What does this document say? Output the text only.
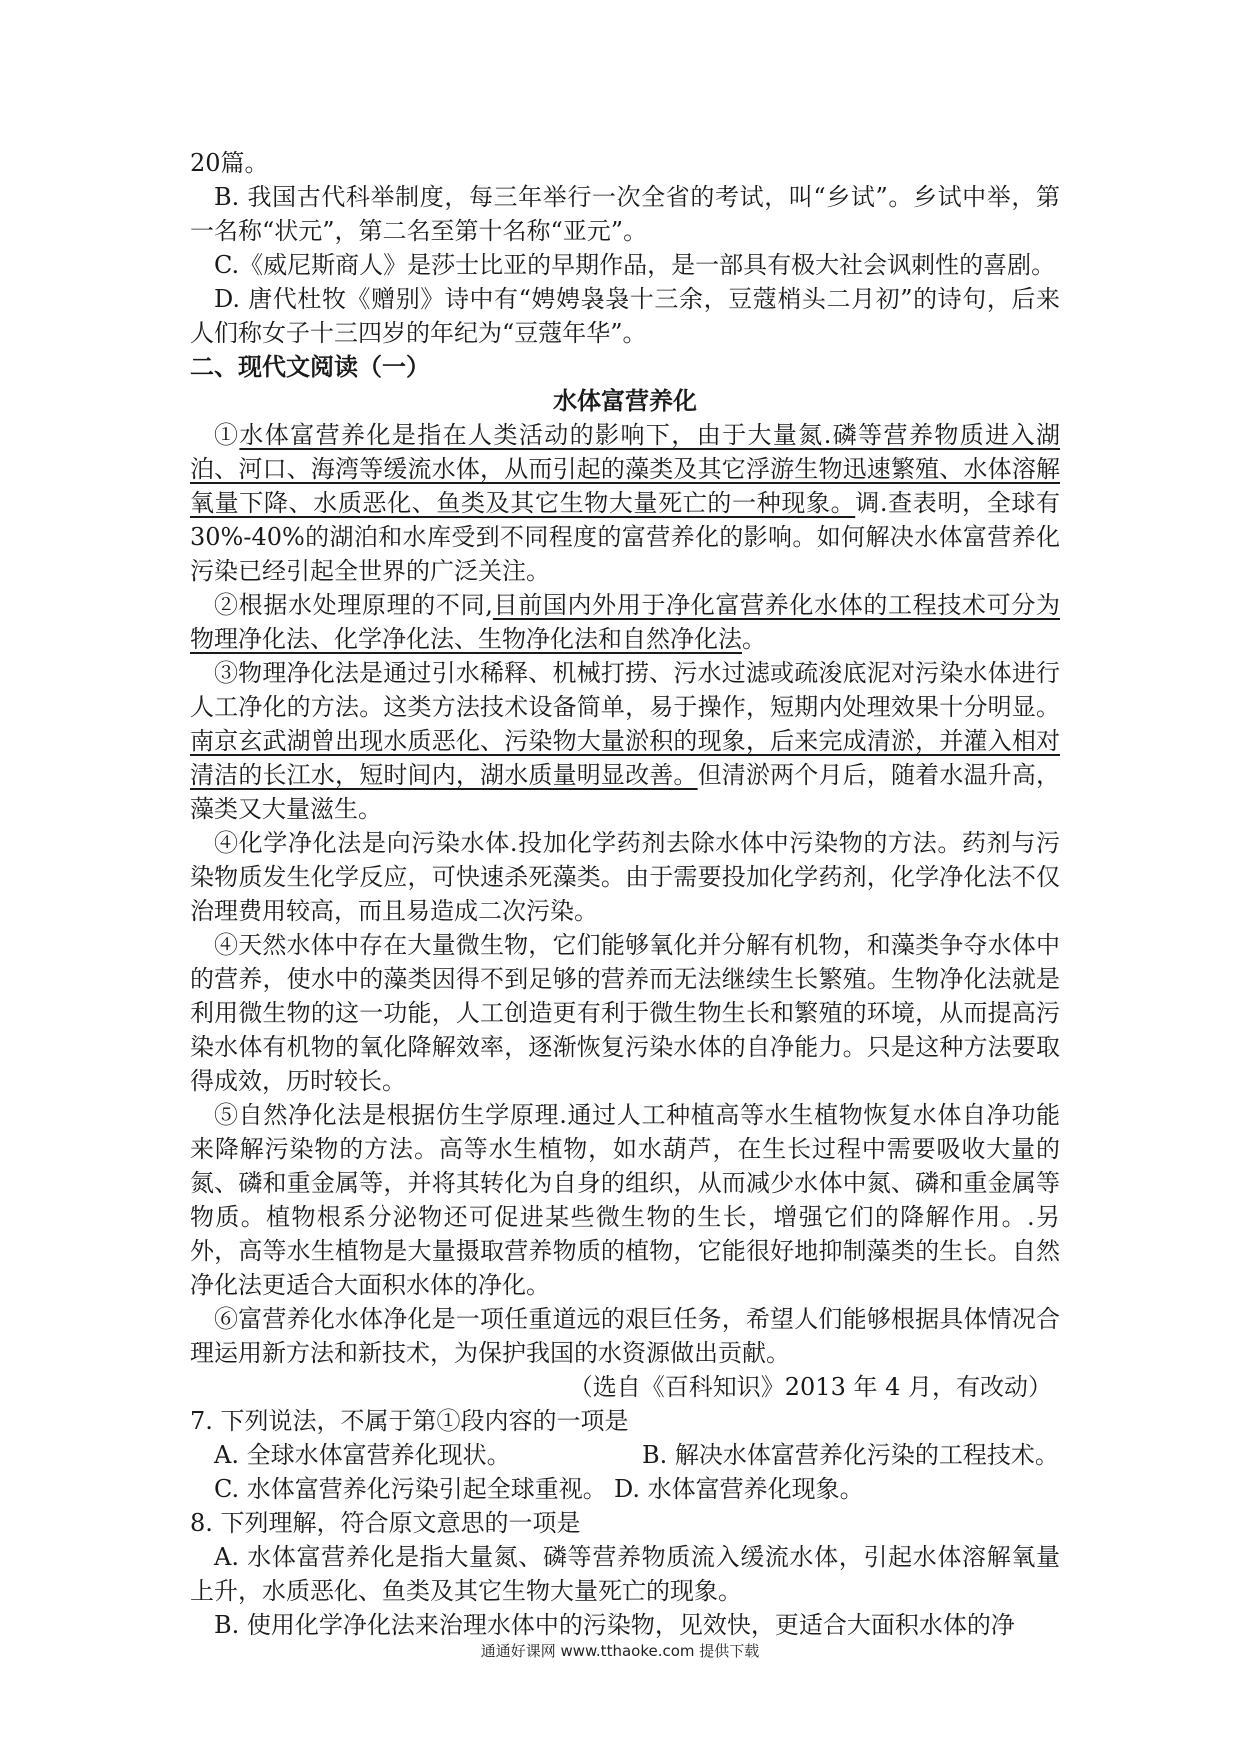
20篇。

B. 我国古代科举制度，每三年举行一次全省的考试，叫“乡试”。乡试中举，第一名称“状元”，第二名至第十名称“亚元”。

C.《威尼斯商人》是莎士比亚的早期作品，是一部具有极大社会讽刺性的喜剧。

D. 唐代杜牧《赠别》诗中有“娉娉袅袅十三余，豆蔻梢头二月初”的诗句，后来人们称女子十三四岁的年纪为“豆蔻年华”。

二、现代文阅读（一）

水体富营养化

①水体富营养化是指在人类活动的影响下，由于大量氮.磷等营养物质进入湖泊、河口、海湾等缓流水体，从而引起的藻类及其它浮游生物迅速繁殖、水体溶解氧量下降、水质恶化、鱼类及其它生物大量死亡的一种现象。调.查表明，全球有 30%-40%的湖泊和水库受到不同程度的富营养化的影响。如何解决水体富营养化污染已经引起全世界的广泛关注。

②根据水处理原理的不同,目前国内外用于净化富营养化水体的工程技术可分为物理净化法、化学净化法、生物净化法和自然净化法。

③物理净化法是通过引水稀释、机械打捞、污水过滤或疏浚底泥对污染水体进行人工净化的方法。这类方法技术设备简单，易于操作，短期内处理效果十分明显。南京玄武湖曾出现水质恶化、污染物大量淤积的现象，后来完成清淤，并灌入相对清洁的长江水，短时间内，湖水质量明显改善。但清淤两个月后，随着水温升高，藻类又大量滋生。

④化学净化法是向污染水体.投加化学药剂去除水体中污染物的方法。药剂与污染物质发生化学反应，可快速杀死藻类。由于需要投加化学药剂，化学净化法不仅治理费用较高，而且易造成二次污染。

④天然水体中存在大量微生物，它们能够氧化并分解有机物，和藻类争夺水体中的营养，使水中的藻类因得不到足够的营养而无法继续生长繁殖。生物净化法就是利用微生物的这一功能，人工创造更有利于微生物生长和繁殖的环境，从而提高污染水体有机物的氧化降解效率，逐渐恢复污染水体的自净能力。只是这种方法要取得成效，历时较长。

⑤自然净化法是根据仿生学原理.通过人工种植高等水生植物恢复水体自净功能来降解污染物的方法。高等水生植物，如水葫芦，在生长过程中需要吸收大量的氮、磷和重金属等，并将其转化为自身的组织，从而减少水体中氮、磷和重金属等物质。植物根系分泌物还可促进某些微生物的生长，增强它们的降解作用。.另外，高等水生植物是大量摄取营养物质的植物，它能很好地抑制藻类的生长。自然净化法更适合大面积水体的净化。

⑥富营养化水体净化是一项任重道远的艰巨任务，希望人们能够根据具体情况合理运用新方法和新技术，为保护我国的水资源做出贡献。

（选自《百科知识》2013 年 4 月，有改动）

7. 下列说法，不属于第①段内容的一项是

A. 全球水体富营养化现状。	B. 解决水体富营养化污染的工程技术。
C. 水体富营养化污染引起全球重视。 D. 水体富营养化现象。

8. 下列理解，符合原文意思的一项是

A. 水体富营养化是指大量氮、磷等营养物质流入缓流水体，引起水体溶解氧量上升，水质恶化、鱼类及其它生物大量死亡的现象。

B. 使用化学净化法来治理水体中的污染物，见效快，更适合大面积水体的净

通通好课网 www.tthaoke.com 提供下载
